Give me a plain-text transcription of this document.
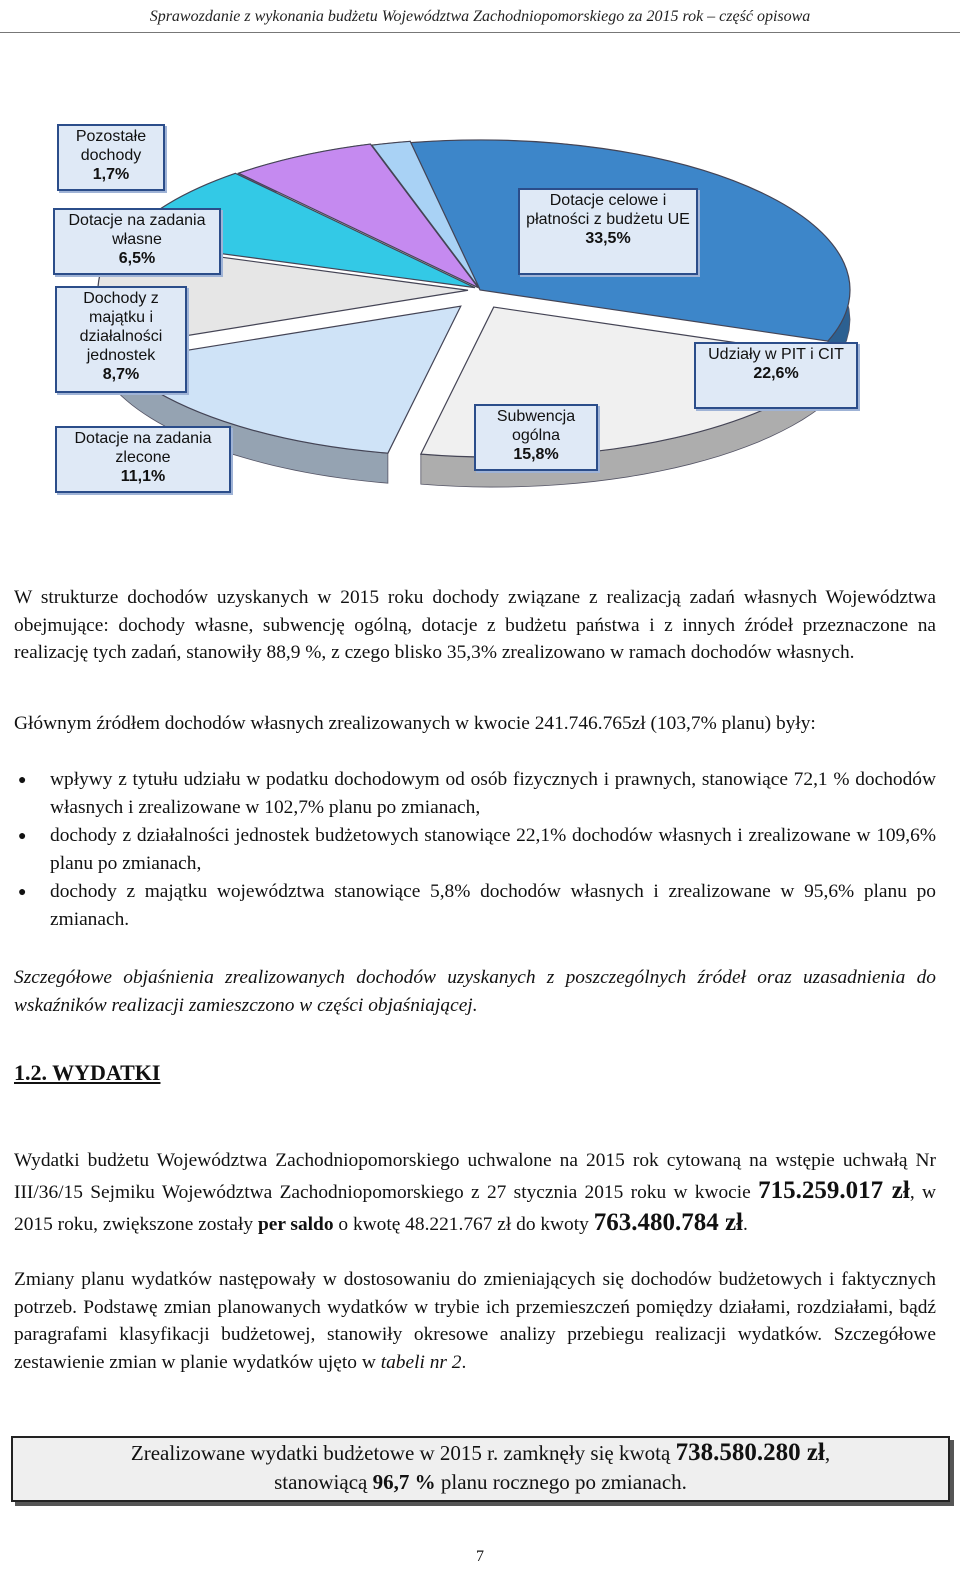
Sprawozdanie z wykonania budżetu Województwa Zachodniopomorskiego za 2015 rok – część opisowa
Pozostałe dochody
1,7%
Dotacje na zadania własne
6,5%
Dochody z majątku i działalności jednostek
8,7%
Dotacje na zadania zlecone
11,1%
Dotacje celowe i płatności z budżetu UE
33,5%
Udziały w PIT i CIT
22,6%
Subwencja ogólna
15,8%
W strukturze dochodów uzyskanych w 2015 roku dochody związane z realizacją zadań własnych Województwa obejmujące: dochody własne, subwencję ogólną, dotacje z budżetu państwa i z innych źródeł przeznaczone na realizację tych zadań, stanowiły 88,9 %, z czego blisko 35,3% zrealizowano w ramach dochodów własnych.
Głównym źródłem dochodów własnych zrealizowanych w kwocie 241.746.765zł (103,7% planu) były:
● wpływy z tytułu udziału w podatku dochodowym od osób fizycznych i prawnych, stanowiące 72,1 % dochodów własnych i zrealizowane w 102,7% planu po zmianach,
● dochody z działalności jednostek budżetowych stanowiące 22,1% dochodów własnych i zrealizowane w 109,6% planu po zmianach,
● dochody z majątku województwa stanowiące 5,8% dochodów własnych i zrealizowane w 95,6% planu po zmianach.
Szczegółowe objaśnienia zrealizowanych dochodów uzyskanych z poszczególnych źródeł oraz uzasadnienia do wskaźników realizacji zamieszczono w części objaśniającej.
1.2. WYDATKI
Wydatki budżetu Województwa Zachodniopomorskiego uchwalone na 2015 rok cytowaną na wstępie uchwałą Nr III/36/15 Sejmiku Województwa Zachodniopomorskiego z 27 stycznia 2015 roku w kwocie 715.259.017 zł, w 2015 roku, zwiększone zostały per saldo o kwotę 48.221.767 zł do kwoty 763.480.784 zł.
Zmiany planu wydatków następowały w dostosowaniu do zmieniających się dochodów budżetowych i faktycznych potrzeb. Podstawę zmian planowanych wydatków w trybie ich przemieszczeń pomiędzy działami, rozdziałami, bądź paragrafami klasyfikacji budżetowej, stanowiły okresowe analizy przebiegu realizacji wydatków. Szczegółowe zestawienie zmian w planie wydatków ujęto w tabeli nr 2.
Zrealizowane wydatki budżetowe w 2015 r. zamknęły się kwotą 738.580.280 zł,
stanowiącą 96,7 % planu rocznego po zmianach.
7
